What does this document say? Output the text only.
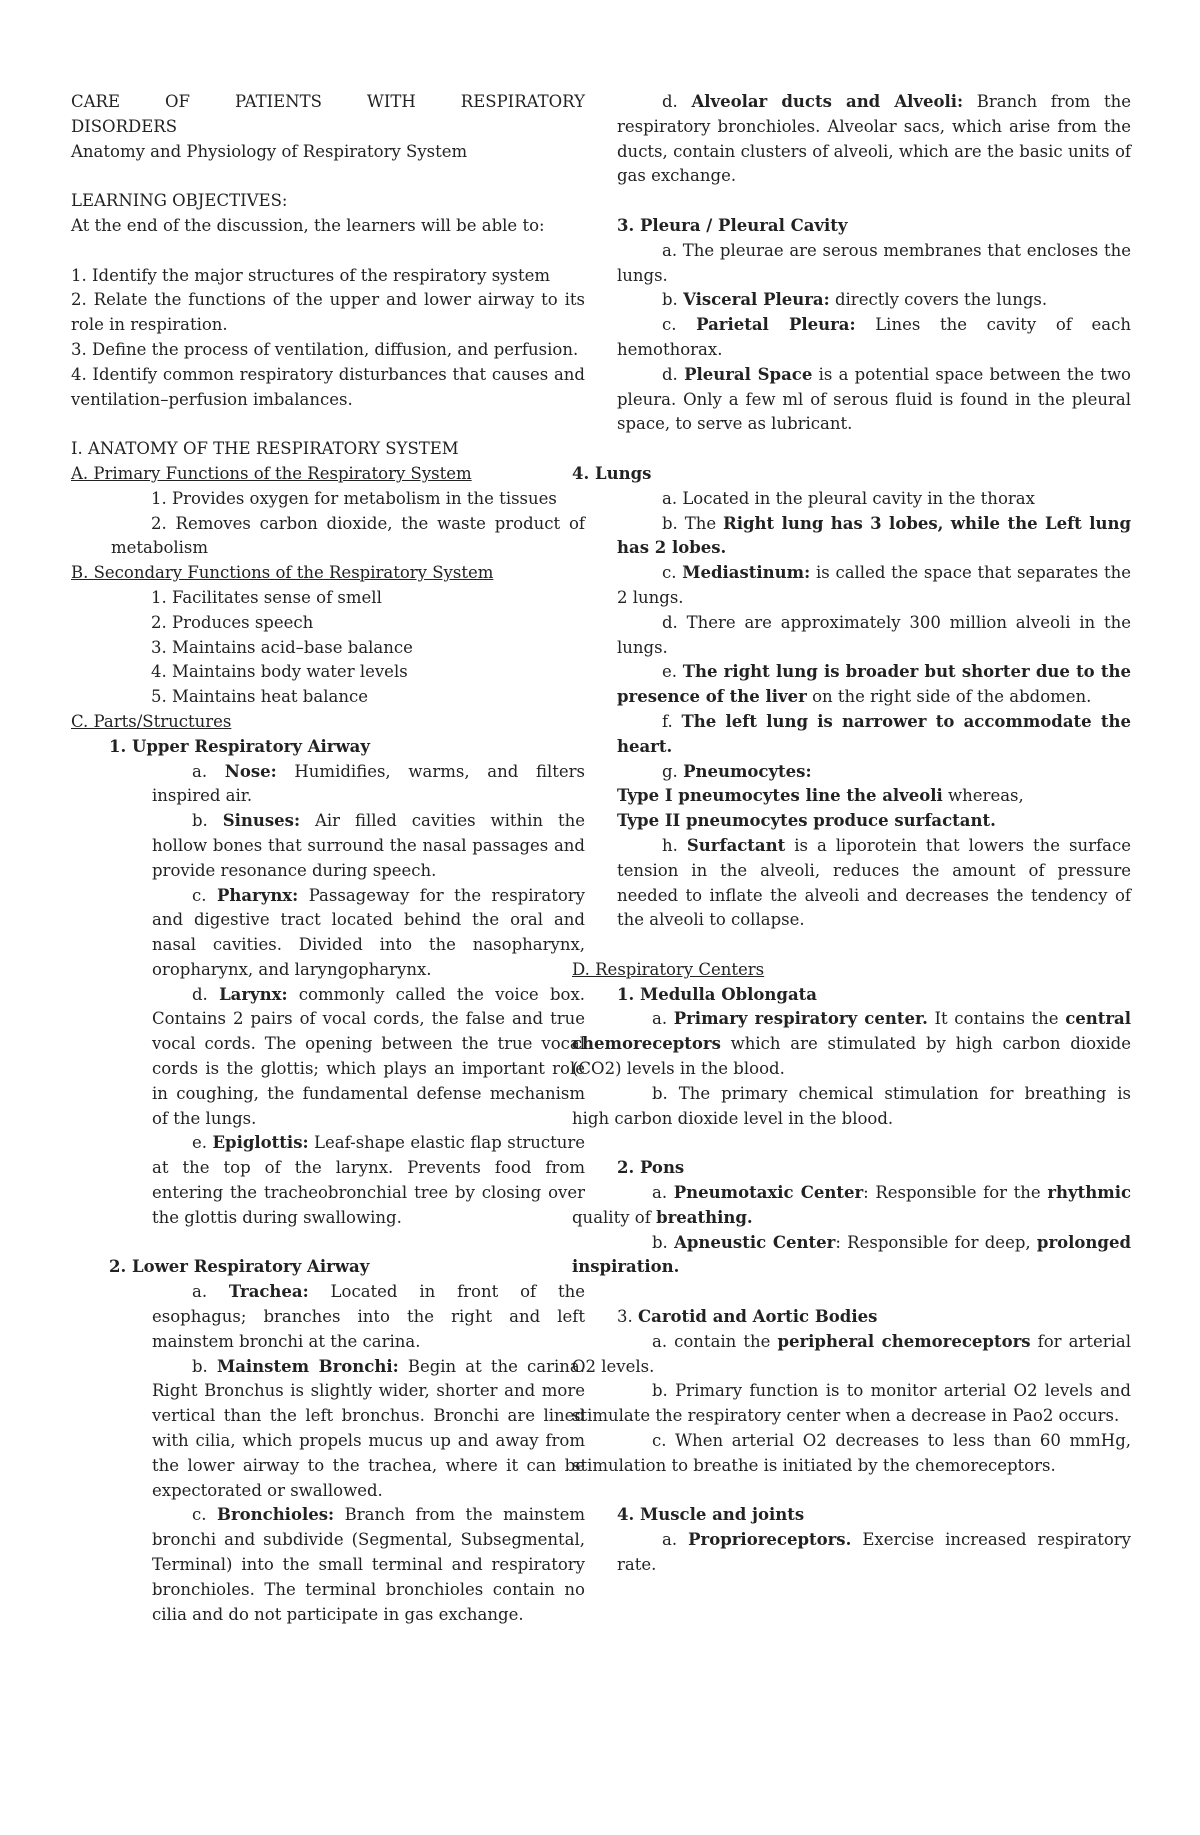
CARE	OF	PATIENTS	WITH	RESPIRATORY

DISORDERS

Anatomy and Physiology of Respiratory System

LEARNING OBJECTIVES:

At the end of the discussion, the learners will be able to:

1. Identify the major structures of the respiratory system

2. Relate the functions of the upper and lower airway to its role in respiration.

3. Define the process of ventilation, diffusion, and perfusion.

4. Identify common respiratory disturbances that causes and ventilation–perfusion imbalances.

I. ANATOMY OF THE RESPIRATORY SYSTEM

A. Primary Functions of the Respiratory System

1. Provides oxygen for metabolism in the tissues

2. Removes carbon dioxide, the waste product of metabolism

B. Secondary Functions of the Respiratory System

1. Facilitates sense of smell

2. Produces speech

3. Maintains acid–base balance

4. Maintains body water levels

5. Maintains heat balance

C. Parts/Structures

1. Upper Respiratory Airway

a. Nose: Humidifies, warms, and filters inspired air.

b. Sinuses: Air filled cavities within the hollow bones that surround the nasal passages and provide resonance during speech.

c. Pharynx: Passageway for the respiratory and digestive tract located behind the oral and nasal cavities. Divided into the nasopharynx, oropharynx, and laryngopharynx.

d. Larynx: commonly called the voice box. Contains 2 pairs of vocal cords, the false and true vocal cords. The opening between the true vocal cords is the glottis; which plays an important role in coughing, the fundamental defense mechanism of the lungs.

e. Epiglottis: Leaf-shape elastic flap structure at the top of the larynx. Prevents food from entering the tracheobronchial tree by closing over the glottis during swallowing.

2. Lower Respiratory Airway

a. Trachea: Located in front of the esophagus; branches into the right and left mainstem bronchi at the carina.

b. Mainstem Bronchi: Begin at the carina. Right Bronchus is slightly wider, shorter and more vertical than the left bronchus. Bronchi are lined with cilia, which propels mucus up and away from the lower airway to the trachea, where it can be expectorated or swallowed.

c. Bronchioles: Branch from the mainstem bronchi and subdivide (Segmental, Subsegmental, Terminal) into the small terminal and respiratory bronchioles. The terminal bronchioles contain no cilia and do not participate in gas exchange.

d. Alveolar ducts and Alveoli: Branch from the respiratory bronchioles. Alveolar sacs, which arise from the ducts, contain clusters of alveoli, which are the basic units of gas exchange.

3. Pleura / Pleural Cavity

a. The pleurae are serous membranes that encloses the lungs.

b. Visceral Pleura: directly covers the lungs.

c. Parietal Pleura: Lines the cavity of each hemothorax.

d. Pleural Space is a potential space between the two pleura. Only a few ml of serous fluid is found in the pleural space, to serve as lubricant.

4. Lungs

a. Located in the pleural cavity in the thorax

b. The Right lung has 3 lobes, while the Left lung has 2 lobes.

c. Mediastinum: is called the space that separates the 2 lungs.

d. There are approximately 300 million alveoli in the lungs.

e. The right lung is broader but shorter due to the presence of the liver on the right side of the abdomen.

f. The left lung is narrower to accommodate the heart.

g. Pneumocytes:

Type I pneumocytes line the alveoli whereas,

Type II pneumocytes produce surfactant.

h. Surfactant is a liporotein that lowers the surface tension in the alveoli, reduces the amount of pressure needed to inflate the alveoli and decreases the tendency of the alveoli to collapse.

D. Respiratory Centers

1. Medulla Oblongata

a. Primary respiratory center. It contains the central chemoreceptors which are stimulated by high carbon dioxide (CO2) levels in the blood.

b. The primary chemical stimulation for breathing is high carbon dioxide level in the blood.

2. Pons

a. Pneumotaxic Center: Responsible for the rhythmic quality of breathing.

b. Apneustic Center: Responsible for deep, prolonged inspiration.

3. Carotid and Aortic Bodies

a. contain the peripheral chemoreceptors for arterial O2 levels.

b. Primary function is to monitor arterial O2 levels and stimulate the respiratory center when a decrease in Pao2 occurs.

c. When arterial O2 decreases to less than 60 mmHg, stimulation to breathe is initiated by the chemoreceptors.

4. Muscle and joints

a. Proprioreceptors. Exercise increased respiratory rate.
